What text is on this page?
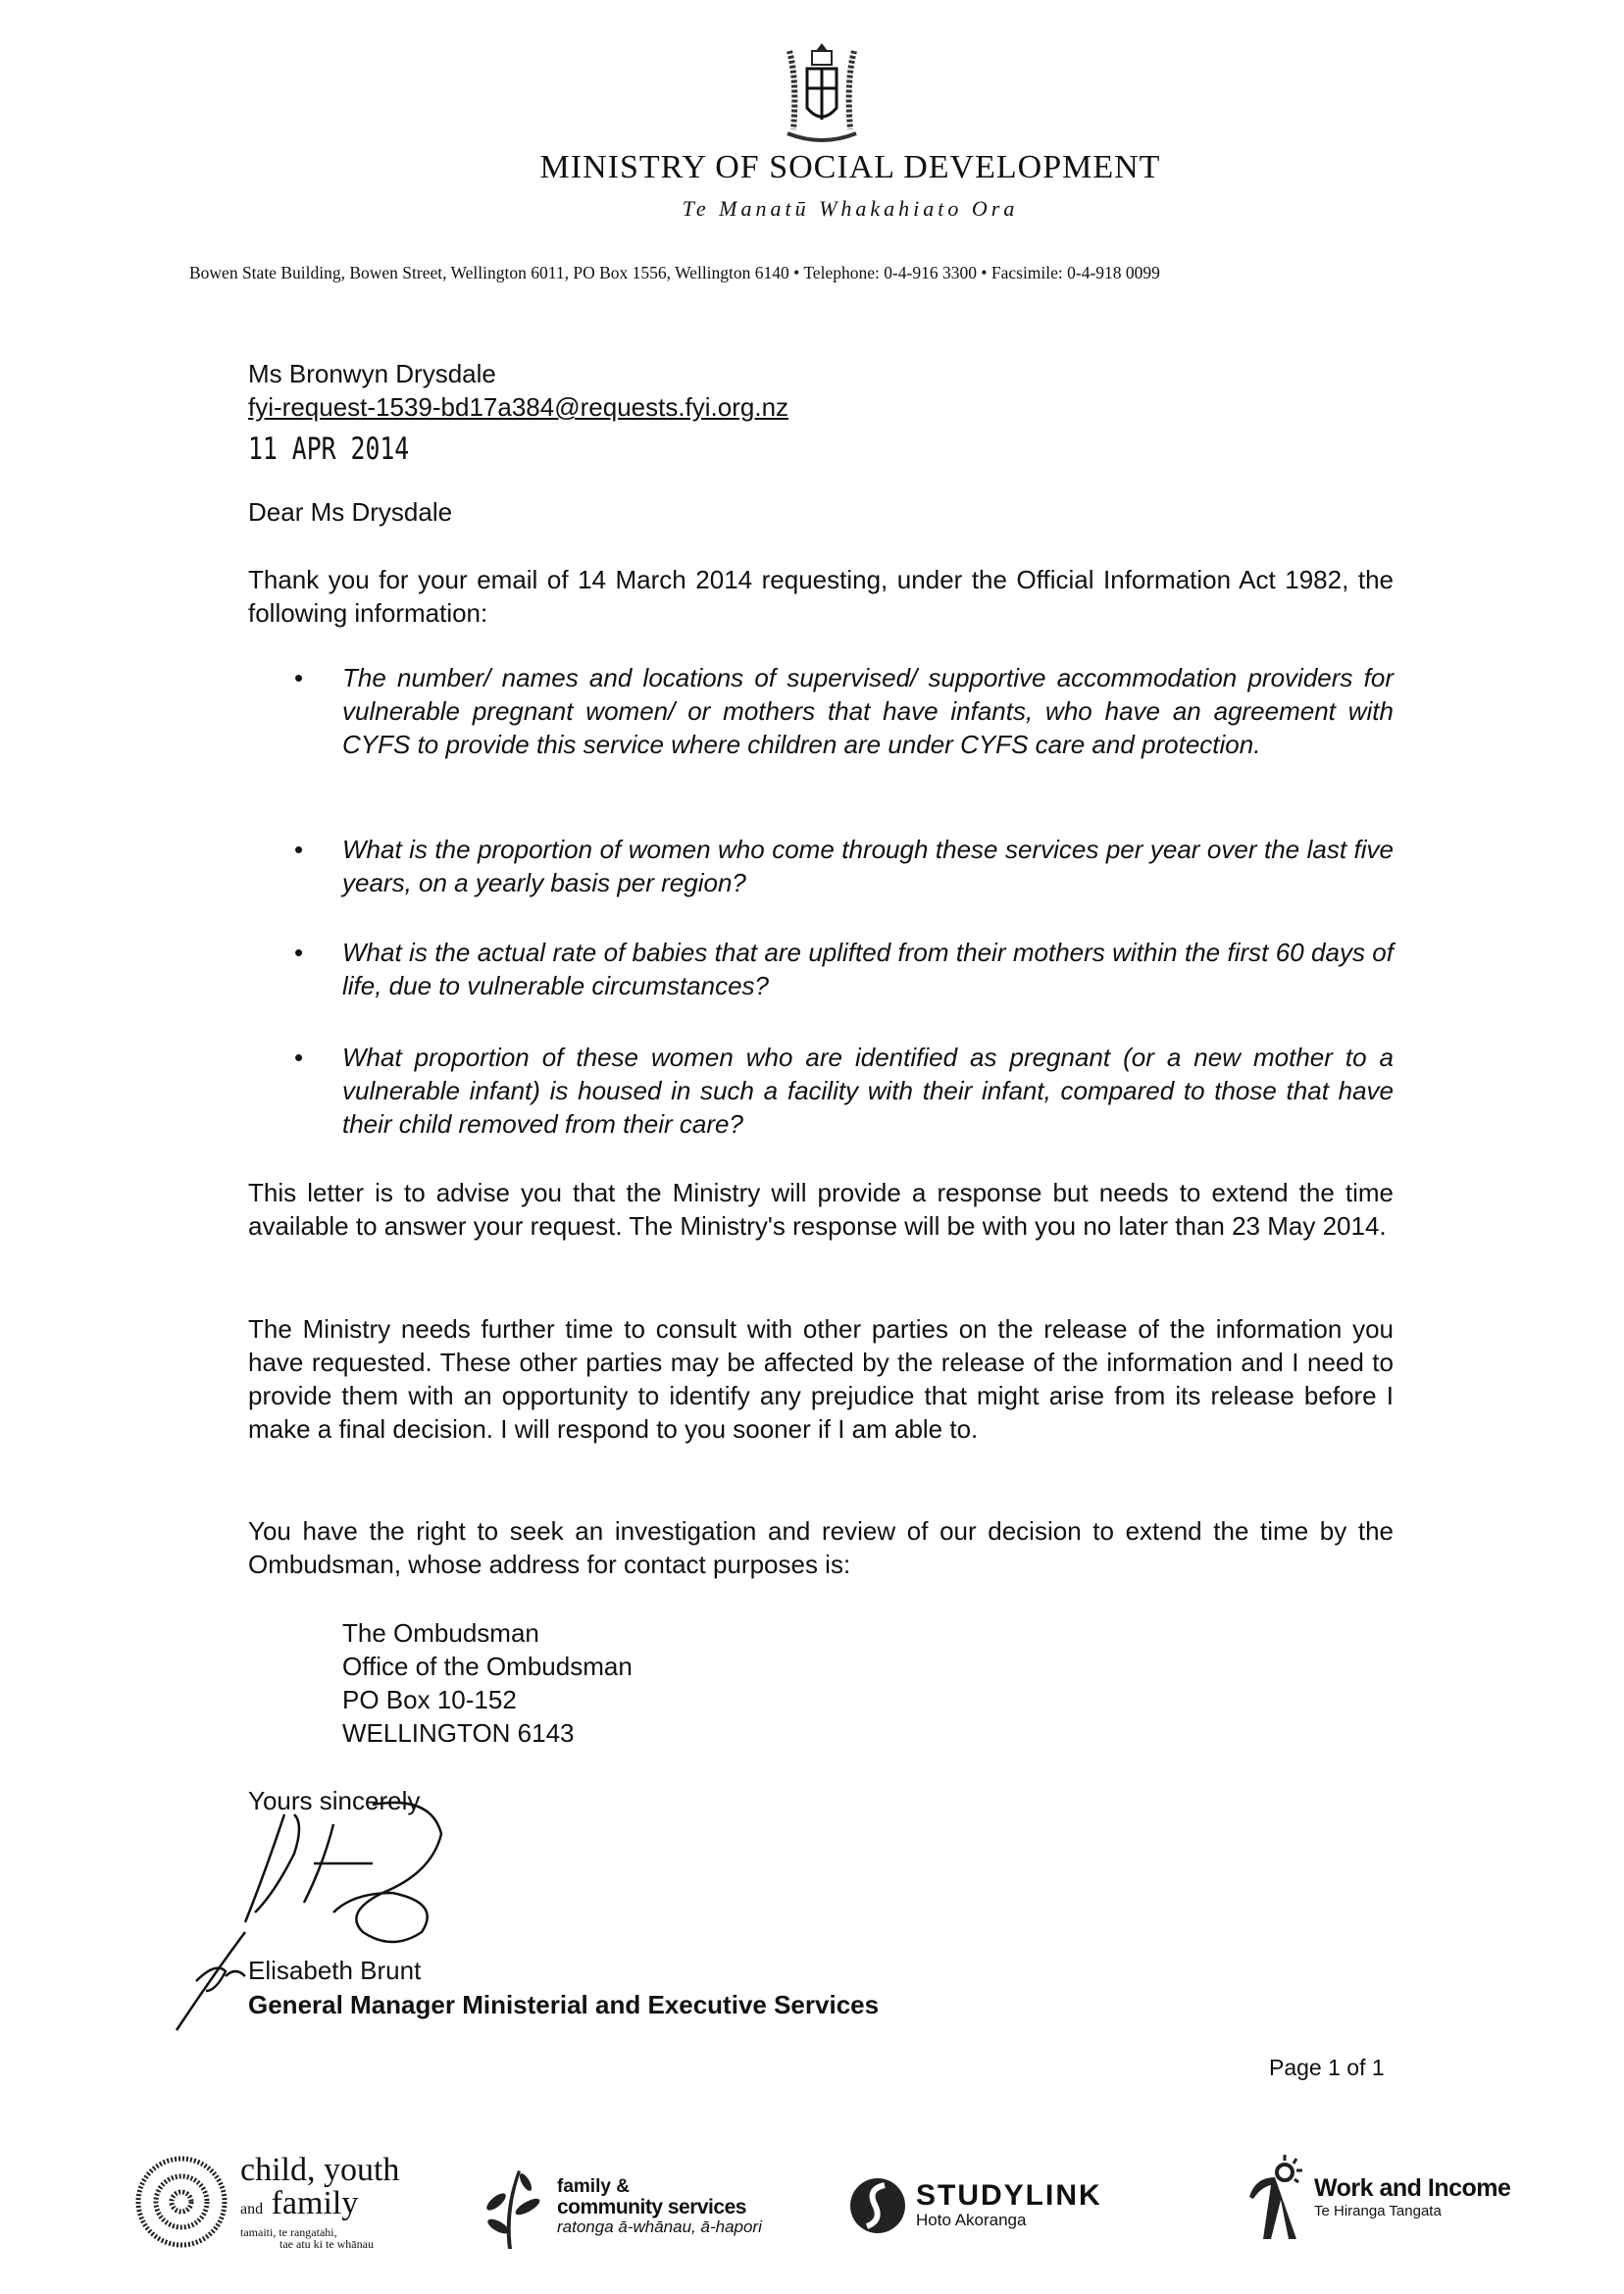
MINISTRY OF SOCIAL DEVELOPMENT
Te Manatū Whakahiato Ora
Bowen State Building, Bowen Street, Wellington 6011, PO Box 1556, Wellington 6140 • Telephone: 0-4-916 3300 • Facsimile: 0-4-918 0099
Ms Bronwyn Drysdale
fyi-request-1539-bd17a384@requests.fyi.org.nz
11 APR 2014
Dear Ms Drysdale
Thank you for your email of 14 March 2014 requesting, under the Official Information Act 1982, the following information:
•	The number/ names and locations of supervised/ supportive accommodation providers for vulnerable pregnant women/ or mothers that have infants, who have an agreement with CYFS to provide this service where children are under CYFS care and protection.
•	What is the proportion of women who come through these services per year over the last five years, on a yearly basis per region?
•	What is the actual rate of babies that are uplifted from their mothers within the first 60 days of life, due to vulnerable circumstances?
•	What proportion of these women who are identified as pregnant (or a new mother to a vulnerable infant) is housed in such a facility with their infant, compared to those that have their child removed from their care?
This letter is to advise you that the Ministry will provide a response but needs to extend the time available to answer your request. The Ministry's response will be with you no later than 23 May 2014.
The Ministry needs further time to consult with other parties on the release of the information you have requested. These other parties may be affected by the release of the information and I need to provide them with an opportunity to identify any prejudice that might arise from its release before I make a final decision. I will respond to you sooner if I am able to.
You have the right to seek an investigation and review of our decision to extend the time by the Ombudsman, whose address for contact purposes is:
The Ombudsman
Office of the Ombudsman
PO Box 10-152
WELLINGTON 6143
Yours sincerely
Elisabeth Brunt
General Manager Ministerial and Executive Services
Page 1 of 1
child, youth
and family
tamaiti, te rangatahi,
tae atu ki te whānau
family &
community services
ratonga ā-whānau, ā-hapori
STUDYLINK
Hoto Akoranga
Work and Income
Te Hiranga Tangata
